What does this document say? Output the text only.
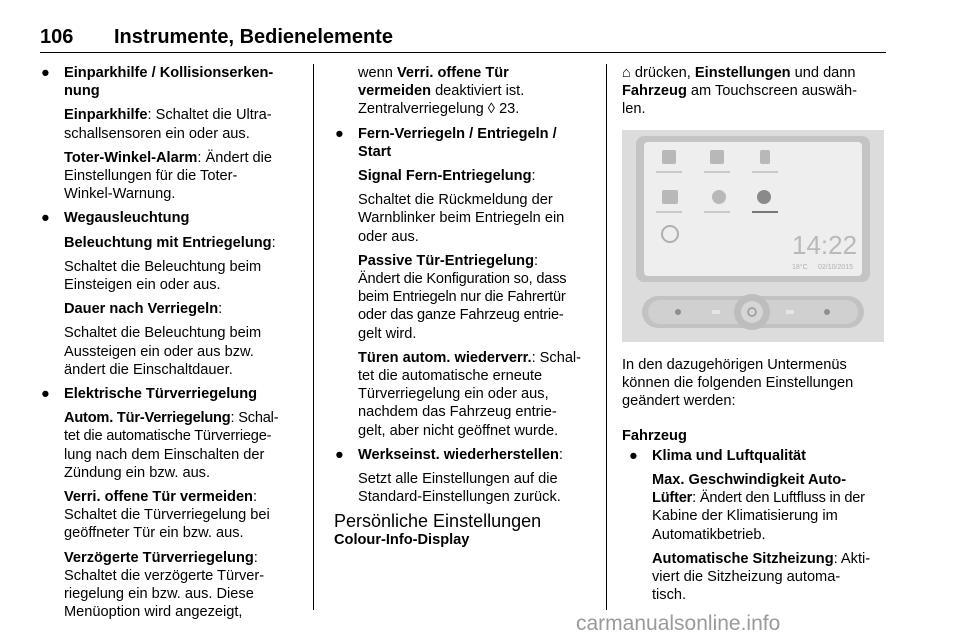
106 Instrumente, Bedienelemente
● Einparkhilfe / Kollisionserken-

nung

Einparkhilfe: Schaltet die Ultra-

schallsensoren ein oder aus.

Toter-Winkel-Alarm: Ändert die

Einstellungen für die Toter-

Winkel-Warnung.

● Wegausleuchtung

Beleuchtung mit Entriegelung:

Schaltet die Beleuchtung beim

Einsteigen ein oder aus.

Dauer nach Verriegeln:

Schaltet die Beleuchtung beim

Aussteigen ein oder aus bzw.

ändert die Einschaltdauer.

● Elektrische Türverriegelung

Autom. Tür-Verriegelung: Schal-

tet die automatische Türverriege-

lung nach dem Einschalten der

Zündung ein bzw. aus.

Verri. offene Tür vermeiden:

Schaltet die Türverriegelung bei

geöffneter Tür ein bzw. aus.

Verzögerte Türverriegelung:

Schaltet die verzögerte Türver-

riegelung ein bzw. aus. Diese

Menüoption wird angezeigt,

wenn Verri. offene Tür

vermeiden deaktiviert ist.

Zentralverriegelung ◊ 23.

● Fern-Verriegeln / Entriegeln /

Start

Signal Fern-Entriegelung:

Schaltet die Rückmeldung der

Warnblinker beim Entriegeln ein

oder aus.

Passive Tür-Entriegelung:

Ändert die Konfiguration so, dass

beim Entriegeln nur die Fahrertür

oder das ganze Fahrzeug entrie-

gelt wird.

Türen autom. wiederverr.: Schal-

tet die automatische erneute

Türverriegelung ein oder aus,

nachdem das Fahrzeug entrie-

gelt, aber nicht geöffnet wurde.

● Werkseinst. wiederherstellen:

Setzt alle Einstellungen auf die

Standard-Einstellungen zurück.

Persönliche Einstellungen

Colour-Info-Display

⌂ drücken, Einstellungen und dann

Fahrzeug am Touchscreen auswäh-

len.

14:22
18°C 02/10/2015

In den dazugehörigen Untermenüs

können die folgenden Einstellungen

geändert werden:

Fahrzeug

● Klima und Luftqualität

Max. Geschwindigkeit Auto-

Lüfter: Ändert den Luftfluss in der

Kabine der Klimatisierung im

Automatikbetrieb.

Automatische Sitzheizung: Akti-

viert die Sitzheizung automa-

tisch.

carmanualsonline.info
